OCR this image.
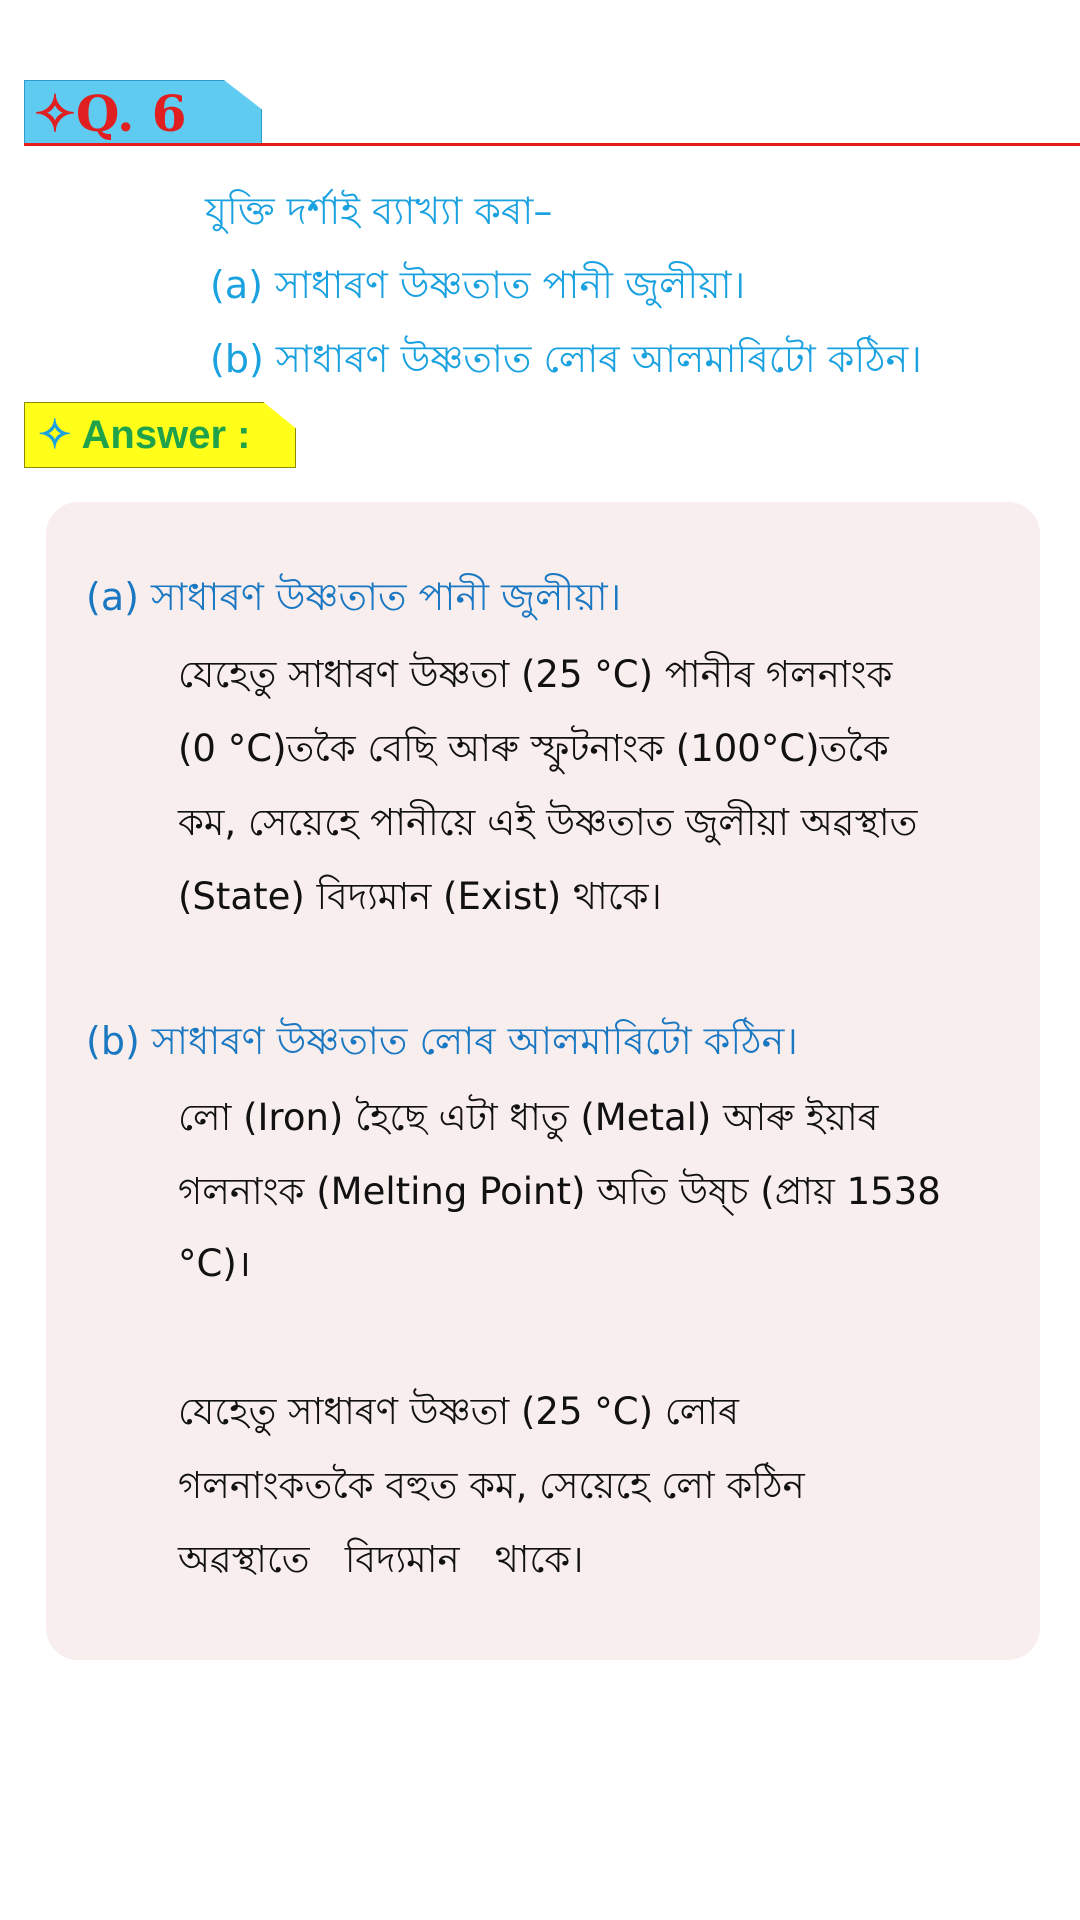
✧Q. 6
যুক্তি দৰ্শাই ব্যাখ্যা কৰা–
(a) সাধাৰণ উষ্ণতাত পানী জুলীয়া।
(b) সাধাৰণ উষ্ণতাত লোৰ আলমাৰিটো কঠিন।
✧ Answer :
(a) সাধাৰণ উষ্ণতাত পানী জুলীয়া।
যেহেতু সাধাৰণ উষ্ণতা (25 °C) পানীৰ গলনাংক
(0 °C)তকৈ বেছি আৰু স্ফুটনাংক (100°C)তকৈ
কম, সেয়েহে পানীয়ে এই উষ্ণতাত জুলীয়া অৱস্থাত
(State) বিদ্যমান (Exist) থাকে।
(b) সাধাৰণ উষ্ণতাত লোৰ আলমাৰিটো কঠিন।
লো (Iron) হৈছে এটা ধাতু (Metal) আৰু ইয়াৰ
গলনাংক (Melting Point) অতি উষ্চ (প্ৰায় 1538
°C)।
যেহেতু সাধাৰণ উষ্ণতা (25 °C) লোৰ
গলনাংকতকৈ বহুত কম, সেয়েহে লো কঠিন
অৱস্থাতে   বিদ্যমান   থাকে।
